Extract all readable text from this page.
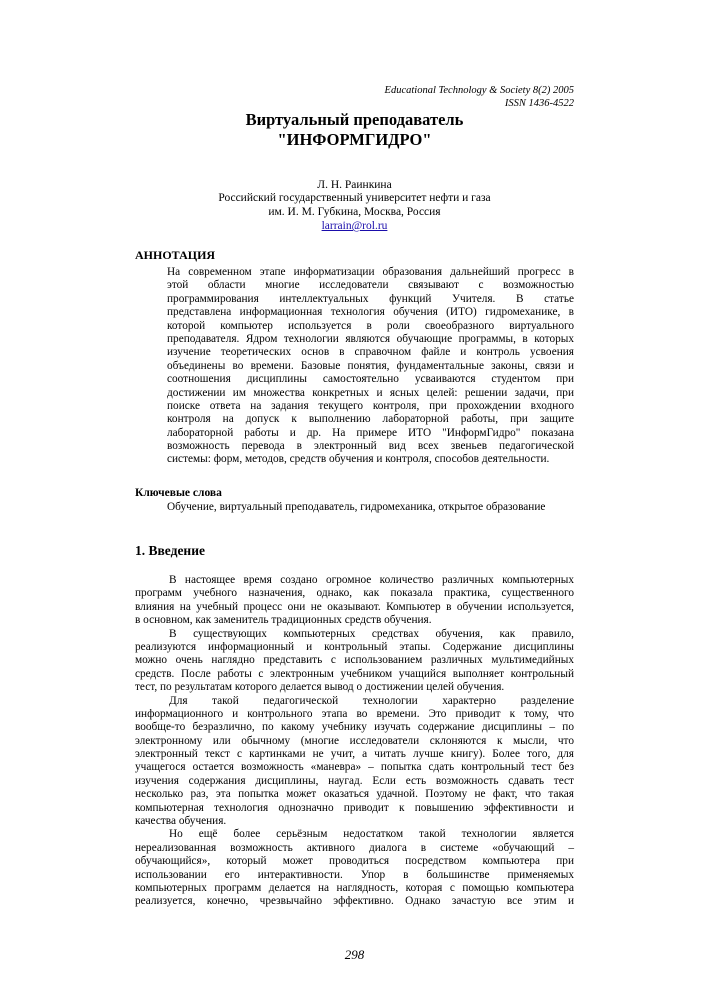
Educational Technology & Society 8(2) 2005
ISSN 1436-4522
Виртуальный преподаватель
"ИНФОРМГИДРО"
Л. Н. Раинкина
Российский государственный университет нефти и газа
им. И. М. Губкина, Москва, Россия
larrain@rol.ru
АННОТАЦИЯ
На современном этапе информатизации образования дальнейший прогресс в
этой области многие исследователи связывают с возможностью
программирования интеллектуальных функций Учителя. В статье
представлена информационная технология обучения (ИТО) гидромеханике, в
которой компьютер используется в роли своеобразного виртуального
преподавателя. Ядром технологии являются обучающие программы, в которых
изучение теоретических основ в справочном файле и контроль усвоения
объединены во времени. Базовые понятия, фундаментальные законы, связи и
соотношения дисциплины самостоятельно усваиваются студентом при
достижении им множества конкретных и ясных целей: решении задачи, при
поиске ответа на задания текущего контроля, при прохождении входного
контроля на допуск к выполнению лабораторной работы, при защите
лабораторной работы и др. На примере ИТО "ИнформГидро" показана
возможность перевода в электронный вид всех звеньев педагогической
системы: форм, методов, средств обучения и контроля, способов деятельности.
Ключевые слова
Обучение, виртуальный преподаватель, гидромеханика, открытое образование
1. Введение
В настоящее время создано огромное количество различных компьютерных
программ учебного назначения, однако, как показала практика, существенного
влияния на учебный процесс они не оказывают. Компьютер в обучении используется,
в основном, как заменитель традиционных средств обучения.
В существующих компьютерных средствах обучения, как правило,
реализуются информационный и контрольный этапы. Содержание дисциплины
можно очень наглядно представить с использованием различных мультимедийных
средств. После работы с электронным учебником учащийся выполняет контрольный
тест, по результатам которого делается вывод о достижении целей обучения.
Для такой педагогической технологии характерно разделение
информационного и контрольного этапа во времени. Это приводит к тому, что
вообще-то безразлично, по какому учебнику изучать содержание дисциплины – по
электронному или обычному (многие исследователи склоняются к мысли, что
электронный текст с картинками не учит, а читать лучше книгу). Более того, для
учащегося остается возможность «маневра» – попытка сдать контрольный тест без
изучения содержания дисциплины, наугад. Если есть возможность сдавать тест
несколько раз, эта попытка может оказаться удачной. Поэтому не факт, что такая
компьютерная технология однозначно приводит к повышению эффективности и
качества обучения.
Но ещё более серьёзным недостатком такой технологии является
нереализованная возможность активного диалога в системе «обучающий –
обучающийся», который может проводиться посредством компьютера при
использовании его интерактивности. Упор в большинстве применяемых
компьютерных программ делается на наглядность, которая с помощью компьютера
реализуется, конечно, чрезвычайно эффективно. Однако зачастую все этим и
298
